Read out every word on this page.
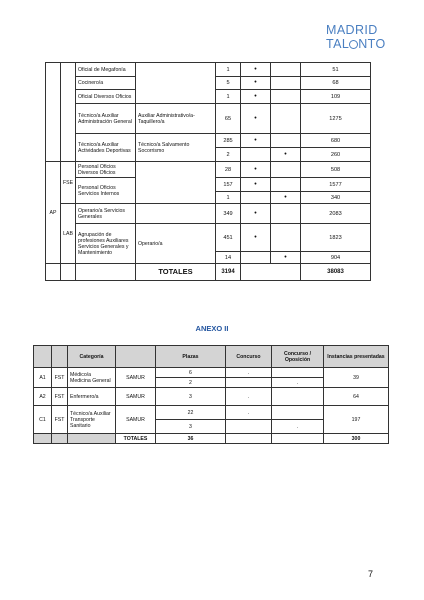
MADRID
TAL NTO
		Oficial de Megafonía		1	•		51
		Cocinero/a		5	•		68
		Oficial Diversos Oficios		1	•		109
		Técnico/a Auxiliar Administración General	Auxiliar Administrativo/a-Taquillero/a	65	•		1275
		Técnico/a Auxiliar Actividades Deportivas	Técnico/a Salvamento Socorrismo	285	•		680
				2		•	260
AP	FSE	Personal Oficios Diversos Oficios		28	•		508
		Personal Oficios Servicios Internos		157	•		1577
				1		•	340
	LAB	Operario/a Servicios Generales		349	•		2083
		Agrupación de profesiones Auxiliares Servicios Generales y Mantenimiento	Operario/a	451	•		1823
				14		•	904
			TOTALES	3194			38083
ANEXO II
		Categoría		Plazas	Concurso	Concurso / Oposición	Instancias presentadas
A1	FST	Médico/a Medicina General	SAMUR	6	.		39
				2		.	
A2	FST	Enfermero/a	SAMUR	3	.		64
C1	FST	Técnico/a Auxiliar Transporte Sanitario	SAMUR	22	.		197
				3		.	
			TOTALES	36			300
7
